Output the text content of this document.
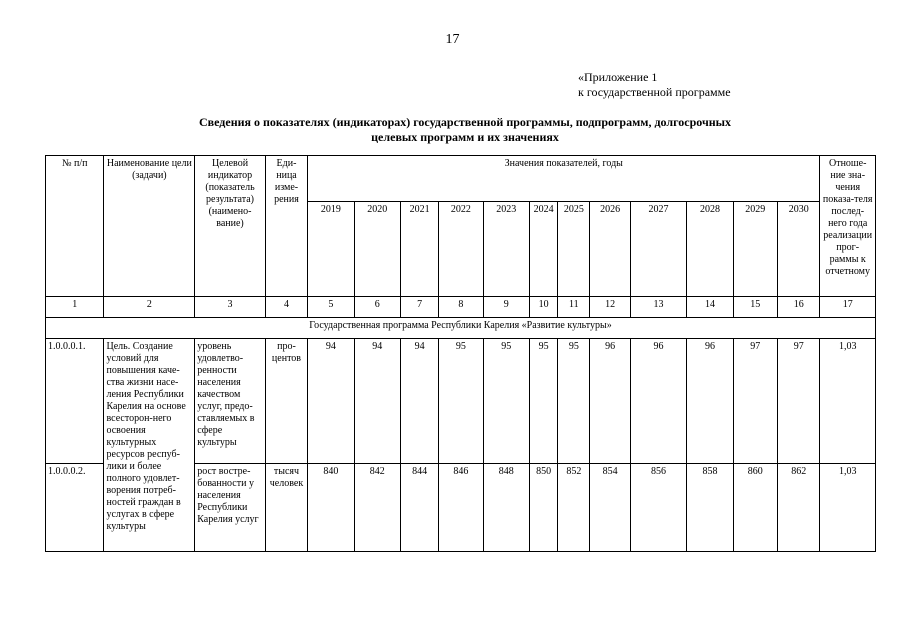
17
«Приложение 1
к государственной программе
Сведения о показателях (индикаторах) государственной программы, подпрограмм, долгосрочных
целевых программ и их значениях
№ п/п	Наименование цели (задачи)	Целевой индикатор (показатель результата) (наимено-вание)	Еди-ница изме-рения	Значения показателей, годы												Отноше-ние зна-чения показа-теля послед-него года реализации прог-раммы к отчетному
				2019	2020	2021	2022	2023	2024	2025	2026	2027	2028	2029	2030	
1	2	3	4	5	6	7	8	9	10	11	12	13	14	15	16	17
Государственная программа Республики Карелия «Развитие культуры»																
1.0.0.0.1.	Цель. Создание условий для повышения каче-ства жизни насе-ления Республики Карелия на основе всесторон-него освоения культурных ресурсов респуб-лики и более полного удовлет-ворения потреб-ностей граждан в услугах в сфере культуры	уровень удовлетво-ренности населения качеством услуг, предо-ставляемых в сфере культуры	про-центов	94	94	94	95	95	95	95	96	96	96	97	97	1,03
1.0.0.0.2.		рост востре-бованности у населения Республики Карелия услуг	тысяч человек	840	842	844	846	848	850	852	854	856	858	860	862	1,03
